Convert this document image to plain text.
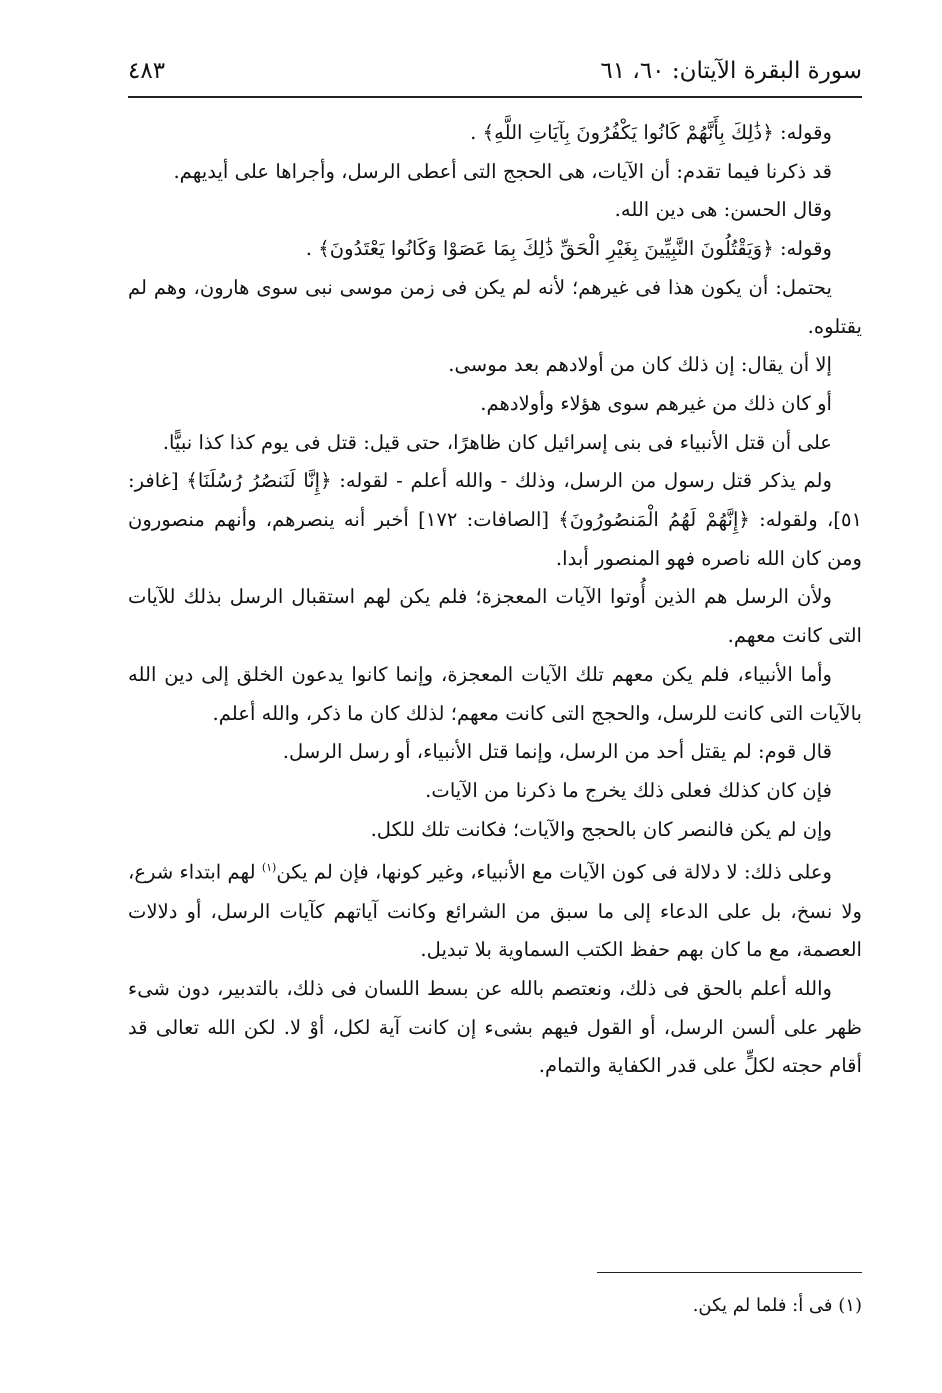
سورة البقرة الآيتان: ٦٠، ٦١
٤٨٣

وقوله: ﴿ذَٰلِكَ بِأَنَّهُمْ كَانُوا يَكْفُرُونَ بِآيَاتِ اللَّهِ﴾ .

قد ذكرنا فيما تقدم: أن الآيات، هى الحجج التى أعطى الرسل، وأجراها على أيديهم.

وقال الحسن: هى دين الله.

وقوله: ﴿وَيَقْتُلُونَ النَّبِيِّينَ بِغَيْرِ الْحَقِّ ذَٰلِكَ بِمَا عَصَوْا وَكَانُوا يَعْتَدُونَ﴾ .

يحتمل: أن يكون هذا فى غيرهم؛ لأنه لم يكن فى زمن موسى نبى سوى هارون، وهم لم يقتلوه.

إلا أن يقال: إن ذلك كان من أولادهم بعد موسى.

أو كان ذلك من غيرهم سوى هؤلاء وأولادهم.

على أن قتل الأنبياء فى بنى إسرائيل كان ظاهرًا، حتى قيل: قتل فى يوم كذا كذا نبيًّا.

ولم يذكر قتل رسول من الرسل، وذلك - والله أعلم - لقوله: ﴿إِنَّا لَنَنصُرُ رُسُلَنَا﴾ [غافر: ٥١]، ولقوله: ﴿إِنَّهُمْ لَهُمُ الْمَنصُورُونَ﴾ [الصافات: ١٧٢] أخبر أنه ينصرهم، وأنهم منصورون ومن كان الله ناصره فهو المنصور أبدا.

ولأن الرسل هم الذين أُوتوا الآيات المعجزة؛ فلم يكن لهم استقبال الرسل بذلك للآيات التى كانت معهم.

وأما الأنبياء، فلم يكن معهم تلك الآيات المعجزة، وإنما كانوا يدعون الخلق إلى دين الله بالآيات التى كانت للرسل، والحجج التى كانت معهم؛ لذلك كان ما ذكر، والله أعلم.

قال قوم: لم يقتل أحد من الرسل، وإنما قتل الأنبياء، أو رسل الرسل.

فإن كان كذلك فعلى ذلك يخرج ما ذكرنا من الآيات.

وإن لم يكن فالنصر كان بالحجج والآيات؛ فكانت تلك للكل.

وعلى ذلك: لا دلالة فى كون الآيات مع الأنبياء، وغير كونها، فإن لم يكن$^{(١)}$ لهم ابتداء شرع، ولا نسخ، بل على الدعاء إلى ما سبق من الشرائع وكانت آياتهم كآيات الرسل، أو دلالات العصمة، مع ما كان بهم حفظ الكتب السماوية بلا تبديل.

والله أعلم بالحق فى ذلك، ونعتصم بالله عن بسط اللسان فى ذلك، بالتدبير، دون شىء ظهر على ألسن الرسل، أو القول فيهم بشىء إن كانت آية لكل، أوْ لا. لكن الله تعالى قد أقام حجته لكلٍّ على قدر الكفاية والتمام.

(١) فى أ: فلما لم يكن.
